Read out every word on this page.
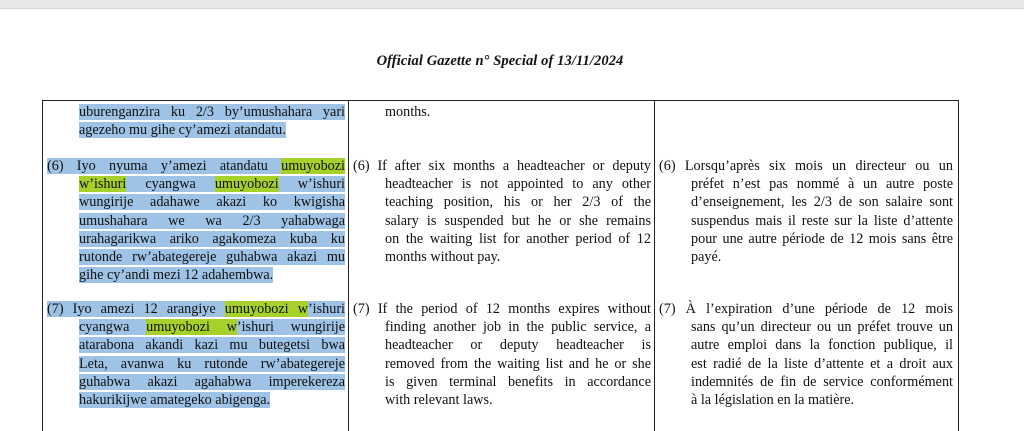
Official Gazette n° Special of 13/11/2024
uburenganzira ku 2/3 by’umushahara yari
agezeho mu gihe cy’amezi atandatu.
(6) Iyo nyuma y’amezi atandatu umuyobozi
w’ishuri cyangwa umuyobozi w’ishuri
wungirije adahawe akazi ko kwigisha
umushahara we wa 2/3 yahabwaga
urahagarikwa ariko agakomeza kuba ku
rutonde rw’abategereje guhabwa akazi mu
gihe cy’andi mezi 12 adahembwa.
(7) Iyo amezi 12 arangiye umuyobozi w’ishuri
cyangwa umuyobozi w’ishuri wungirije
atarabona akandi kazi mu butegetsi bwa
Leta, avanwa ku rutonde rw’abategereje
guhabwa akazi agahabwa imperekereza
hakurikijwe amategeko abigenga.
months.
(6) If after six months a headteacher or deputy
headteacher is not appointed to any other
teaching position, his or her 2/3 of the
salary is suspended but he or she remains
on the waiting list for another period of 12
months without pay.
(7) If the period of 12 months expires without
finding another job in the public service, a
headteacher or deputy headteacher is
removed from the waiting list and he or she
is given terminal benefits in accordance
with relevant laws.
(6) Lorsqu’après six mois un directeur ou un
préfet n’est pas nommé à un autre poste
d’enseignement, les 2/3 de son salaire sont
suspendus mais il reste sur la liste d’attente
pour une autre période de 12 mois sans être
payé.
(7) À l’expiration d’une période de 12 mois
sans qu’un directeur ou un préfet trouve un
autre emploi dans la fonction publique, il
est radié de la liste d’attente et a droit aux
indemnités de fin de service conformément
à la législation en la matière.
